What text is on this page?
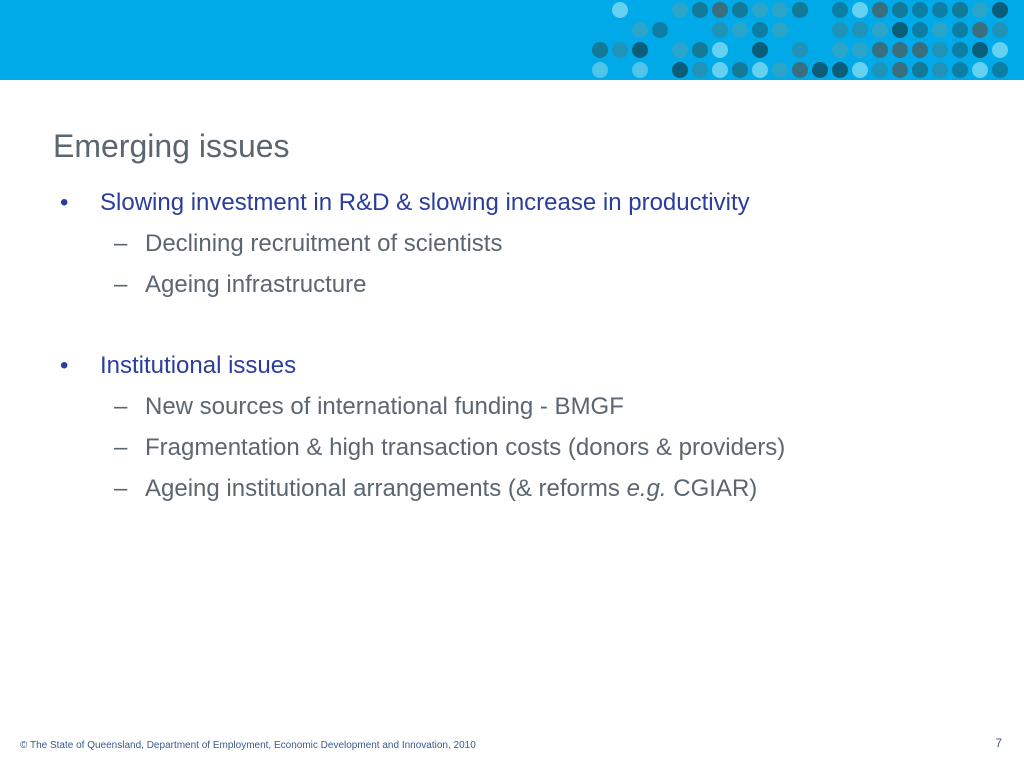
Emerging issues
•	Slowing investment in R&D & slowing increase in productivity
– Declining recruitment of scientists
– Ageing infrastructure
•	Institutional issues
– New sources of international funding - BMGF
– Fragmentation & high transaction costs (donors & providers)
– Ageing institutional arrangements (& reforms e.g. CGIAR)
© The State of Queensland, Department of Employment, Economic Development and Innovation, 2010	7
